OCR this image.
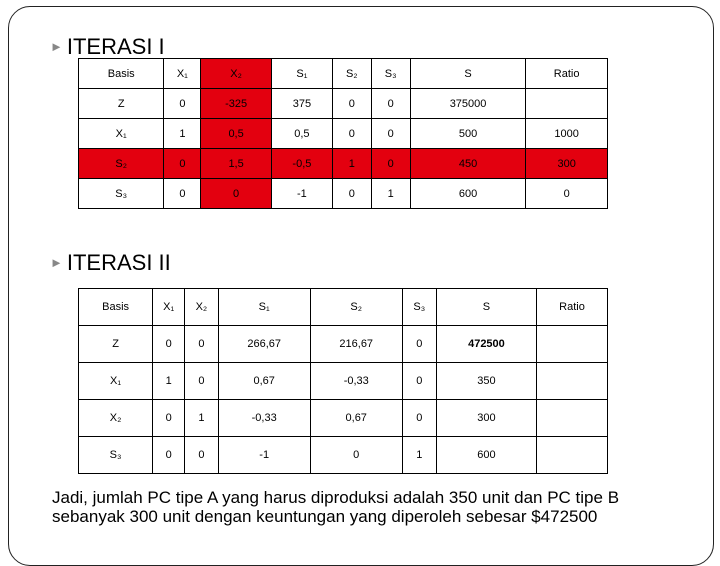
► ITERASI I
Basis	X₁	X₂	S₁	S₂	S₃	S	Ratio
Z	0	-325	375	0	0	375000	
X₁	1	0,5	0,5	0	0	500	1000
S₂	0	1,5	-0,5	1	0	450	300
S₃	0	0	-1	0	1	600	0
► ITERASI II
Basis	X₁	X₂	S₁	S₂	S₃	S	Ratio
Z	0	0	266,67	216,67	0	472500	
X₁	1	0	0,67	-0,33	0	350	
X₂	0	1	-0,33	0,67	0	300	
S₃	0	0	-1	0	1	600	
Jadi, jumlah PC tipe A yang harus diproduksi adalah 350 unit dan PC tipe B sebanyak 300 unit dengan keuntungan yang diperoleh sebesar $472500
